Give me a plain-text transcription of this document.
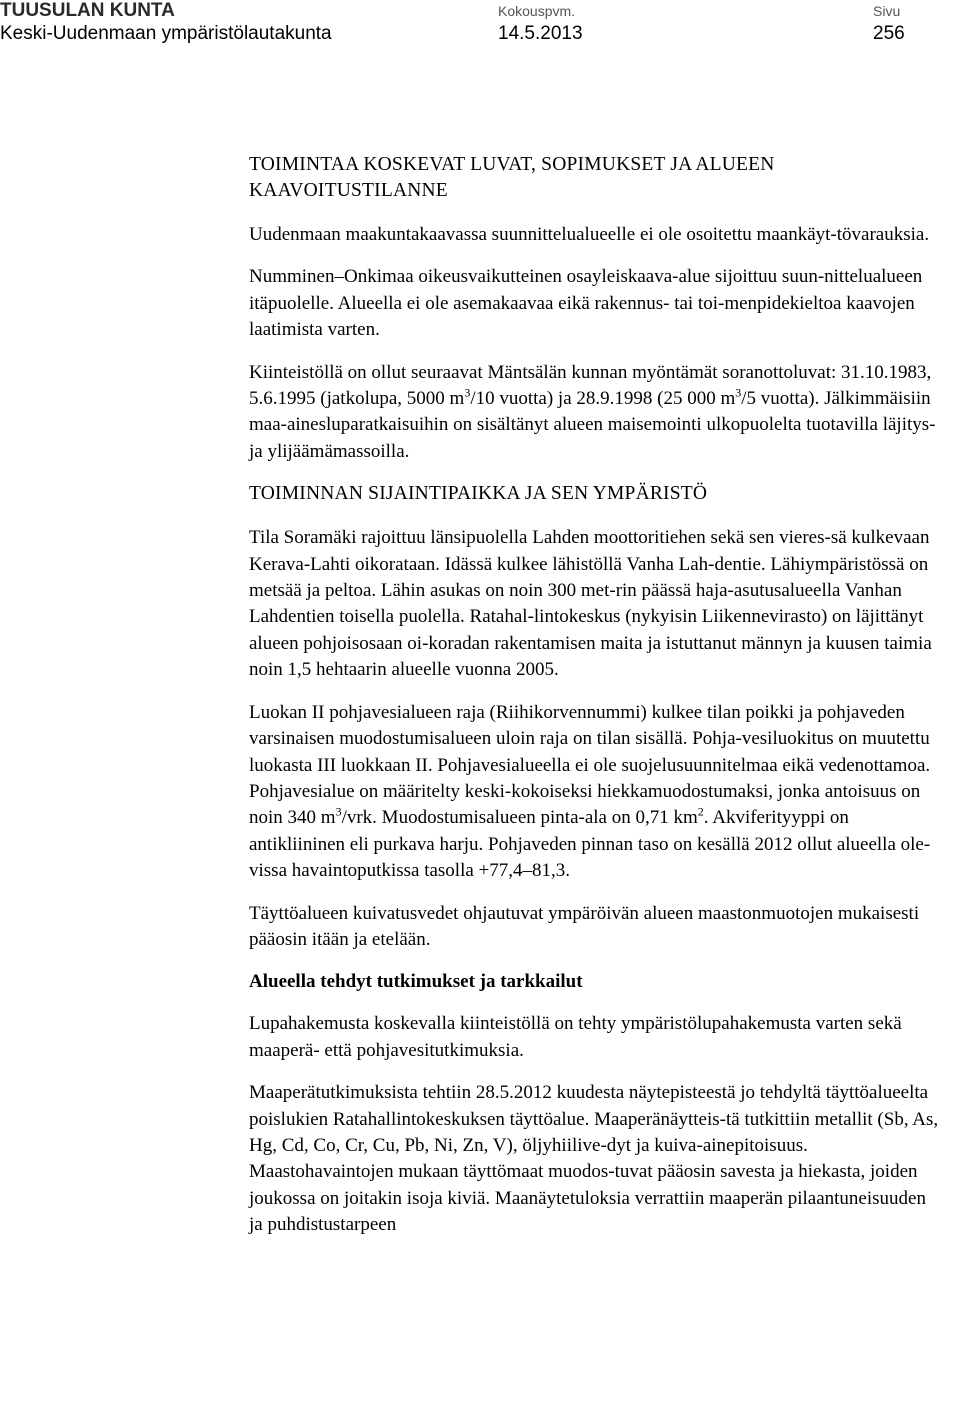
TUUSULAN KUNTA
Keski-Uudenmaan ympäristölautakunta
Kokouspvm.
14.5.2013
Sivu
256
TOIMINTAA KOSKEVAT LUVAT, SOPIMUKSET JA ALUEEN KAAVOITUSTILANNE

Uudenmaan maakuntakaavassa suunnittelualueelle ei ole osoitettu maankäyt-tövarauksia.

Numminen–Onkimaa oikeusvaikutteinen osayleiskaava-alue sijoittuu suun-nittelualueen itäpuolelle. Alueella ei ole asemakaavaa eikä rakennus- tai toi-menpidekieltoa kaavojen laatimista varten.

Kiinteistöllä on ollut seuraavat Mäntsälän kunnan myöntämät soranottoluvat: 31.10.1983, 5.6.1995 (jatkolupa, 5000 $m^3/10$ vuotta) ja 28.9.1998 (25 000 $m^3/5$ vuotta). Jälkimmäisiin maa-ainesluparatkaisuihin on sisältänyt alueen maisemointi ulkopuolelta tuotavilla läjitys- ja ylijäämämassoilla.

TOIMINNAN SIJAINTIPAIKKA JA SEN YMPÄRISTÖ

Tila Soramäki rajoittuu länsipuolella Lahden moottoritiehen sekä sen vieres-sä kulkevaan Kerava-Lahti oikorataan. Idässä kulkee lähistöllä Vanha Lah-dentie. Lähiympäristössä on metsää ja peltoa. Lähin asukas on noin 300 met-rin päässä haja-asutusalueella Vanhan Lahdentien toisella puolella. Ratahal-lintokeskus (nykyisin Liikennevirasto) on läjittänyt alueen pohjoisosaan oi-koradan rakentamisen maita ja istuttanut männyn ja kuusen taimia noin 1,5 hehtaarin alueelle vuonna 2005.

Luokan II pohjavesialueen raja (Riihikorvennummi) kulkee tilan poikki ja pohjaveden varsinaisen muodostumisalueen uloin raja on tilan sisällä. Pohja-vesiluokitus on muutettu luokasta III luokkaan II. Pohjavesialueella ei ole suojelusuunnitelmaa eikä vedenottamoa. Pohjavesialue on määritelty keski-kokoiseksi hiekkamuodostumaksi, jonka antoisuus on noin 340 $m^3$/vrk. Muodostumisalueen pinta-ala on 0,71 $km^2$. Akviferityyppi on antikliininen eli purkava harju. Pohjaveden pinnan taso on kesällä 2012 ollut alueella ole-vissa havaintoputkissa tasolla +77,4–81,3.

Täyttöalueen kuivatusvedet ohjautuvat ympäröivän alueen maastonmuotojen mukaisesti pääosin itään ja etelään.

Alueella tehdyt tutkimukset ja tarkkailut

Lupahakemusta koskevalla kiinteistöllä on tehty ympäristölupahakemusta varten sekä maaperä- että pohjavesitutkimuksia.

Maaperätutkimuksista tehtiin 28.5.2012 kuudesta näytepisteestä jo tehdyltä täyttöalueelta poislukien Ratahallintokeskuksen täyttöalue. Maaperänäytteis-tä tutkittiin metallit (Sb, As, Hg, Cd, Co, Cr, Cu, Pb, Ni, Zn, V), öljyhiilive-dyt ja kuiva-ainepitoisuus. Maastohavaintojen mukaan täyttömaat muodos-tuvat pääosin savesta ja hiekasta, joiden joukossa on joitakin isoja kiviä. Maanäytetuloksia verrattiin maaperän pilaantuneisuuden ja puhdistustarpeen
